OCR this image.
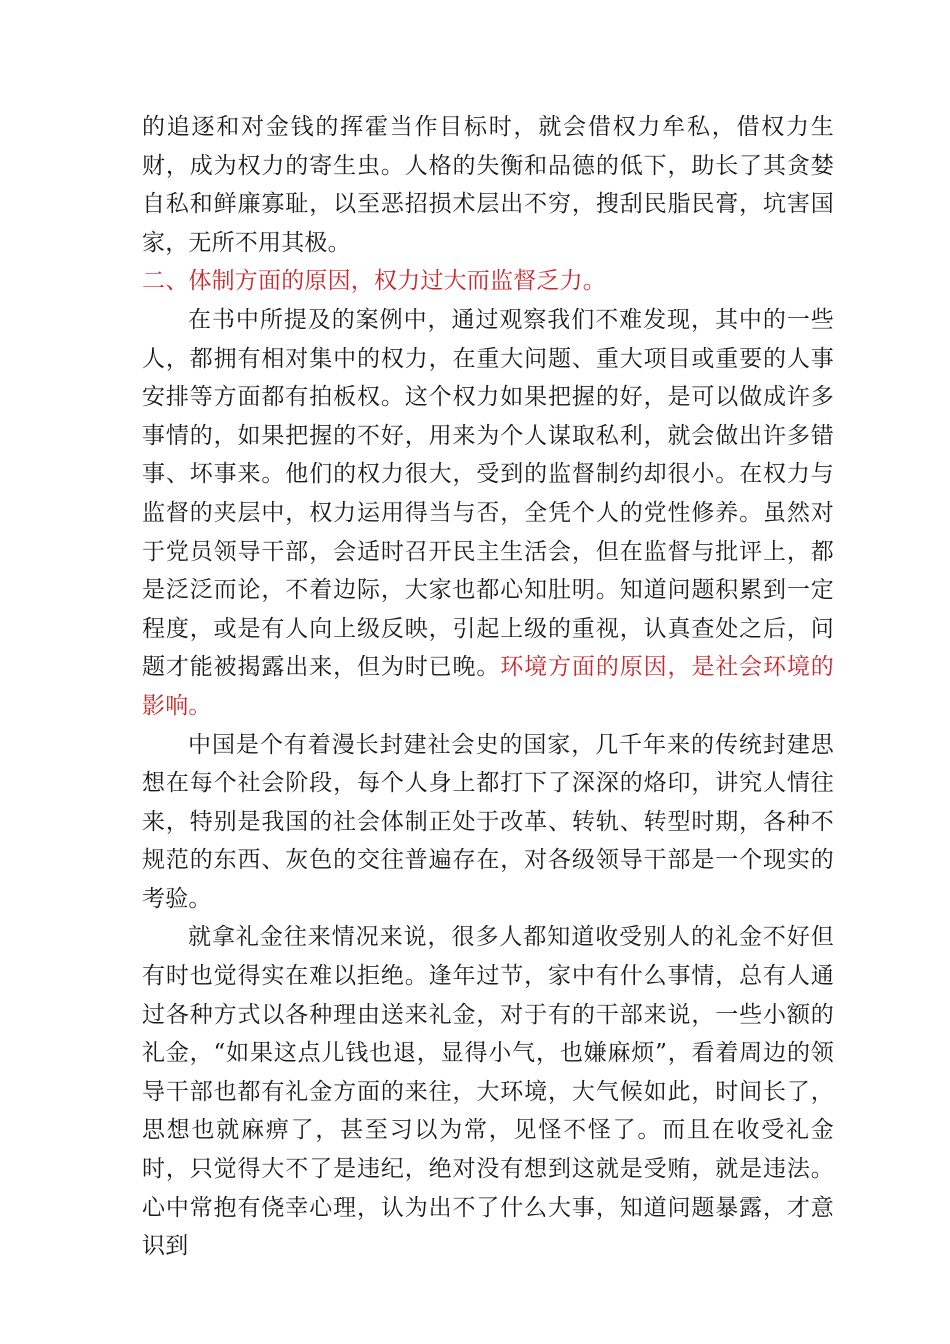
的追逐和对金钱的挥霍当作目标时，就会借权力牟私，借权力生财，成为权力的寄生虫。人格的失衡和品德的低下，助长了其贪婪自私和鲜廉寡耻，以至恶招损术层出不穷，搜刮民脂民膏，坑害国家，无所不用其极。

二、体制方面的原因，权力过大而监督乏力。

在书中所提及的案例中，通过观察我们不难发现，其中的一些人，都拥有相对集中的权力，在重大问题、重大项目或重要的人事安排等方面都有拍板权。这个权力如果把握的好，是可以做成许多事情的，如果把握的不好，用来为个人谋取私利，就会做出许多错事、坏事来。他们的权力很大，受到的监督制约却很小。在权力与监督的夹层中，权力运用得当与否，全凭个人的党性修养。虽然对于党员领导干部，会适时召开民主生活会，但在监督与批评上，都是泛泛而论，不着边际，大家也都心知肚明。知道问题积累到一定程度，或是有人向上级反映，引起上级的重视，认真查处之后，问题才能被揭露出来，但为时已晚。环境方面的原因，是社会环境的影响。

中国是个有着漫长封建社会史的国家，几千年来的传统封建思想在每个社会阶段，每个人身上都打下了深深的烙印，讲究人情往来，特别是我国的社会体制正处于改革、转轨、转型时期，各种不规范的东西、灰色的交往普遍存在，对各级领导干部是一个现实的考验。

就拿礼金往来情况来说，很多人都知道收受别人的礼金不好但有时也觉得实在难以拒绝。逢年过节，家中有什么事情，总有人通过各种方式以各种理由送来礼金，对于有的干部来说，一些小额的礼金，“如果这点儿钱也退，显得小气，也嫌麻烦”，看着周边的领导干部也都有礼金方面的来往，大环境，大气候如此，时间长了，思想也就麻痹了，甚至习以为常，见怪不怪了。而且在收受礼金时，只觉得大不了是违纪，绝对没有想到这就是受贿，就是违法。心中常抱有侥幸心理，认为出不了什么大事，知道问题暴露，才意识到
